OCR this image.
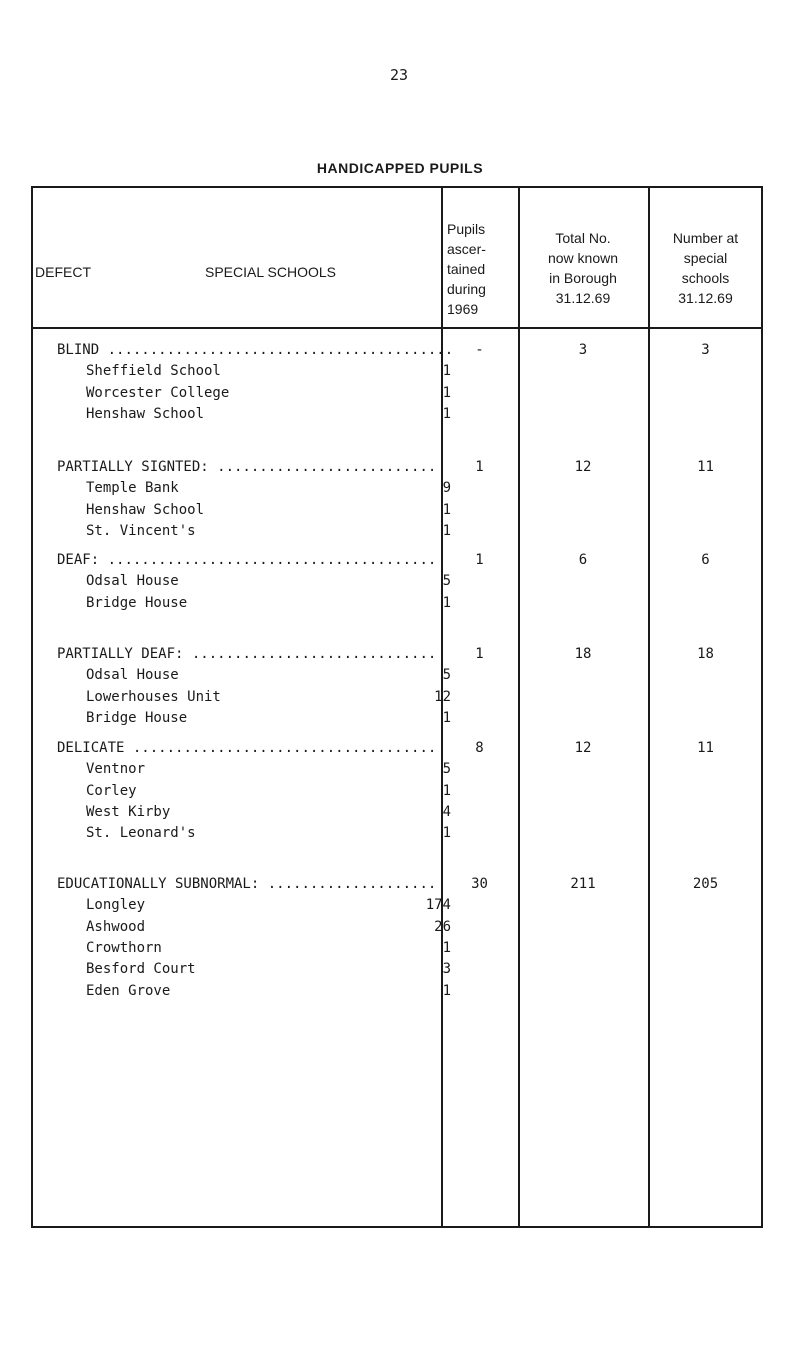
23
HANDICAPPED PUPILS
DEFECT	SPECIAL SCHOOLS
Pupils
ascer-
tained
during
1969
Total No.
now known
in Borough
31.12.69
Number at
special
schools
31.12.69
BLIND .........................................	-	3	3
Sheffield School	1
Worcester College	1
Henshaw School	1
PARTIALLY SIGNTED: ..........................	1	12	11
Temple Bank	9
Henshaw School	1
St. Vincent's	1
DEAF: .......................................	1	6	6
Odsal House	5
Bridge House	1
PARTIALLY DEAF: .............................	1	18	18
Odsal House	5
Lowerhouses Unit	12
Bridge House	1
DELICATE ....................................	8	12	11
Ventnor	5
Corley	1
West Kirby	4
St. Leonard's	1
EDUCATIONALLY SUBNORMAL: ....................	30	211	205
Longley	174
Ashwood	26
Crowthorn	1
Besford Court	3
Eden Grove	1
